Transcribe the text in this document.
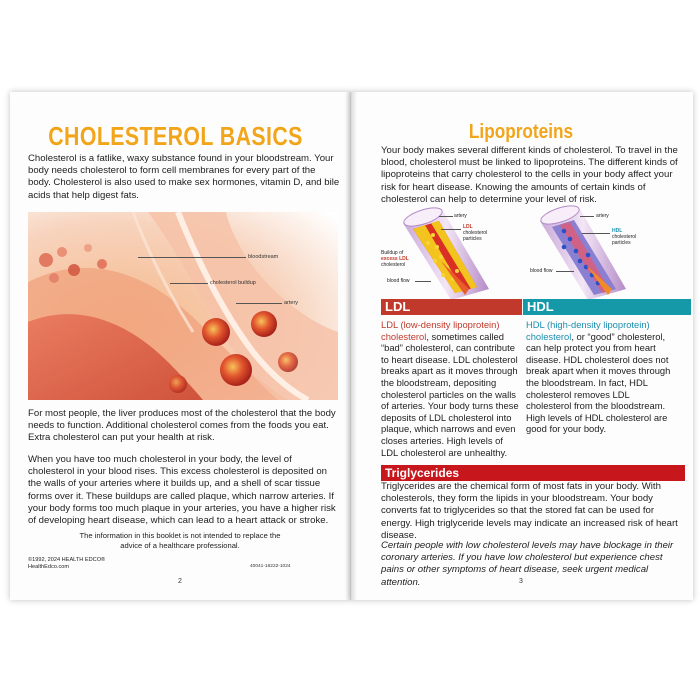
CHOLESTEROL BASICS
Cholesterol is a fatlike, waxy substance found in your bloodstream. Your body needs cholesterol to form cell membranes for every part of the body. Cholesterol is also used to make sex hormones, vitamin D, and bile acids that help digest fats.
bloodstream
cholesterol buildup
artery
For most people, the liver produces most of the cholesterol that the body needs to function. Additional cholesterol comes from the foods you eat. Extra cholesterol can put your health at risk.
When you have too much cholesterol in your body, the level of cholesterol in your blood rises. This excess cholesterol is deposited on the walls of your arteries where it builds up, and a shell of scar tissue forms over it. These buildups are called plaque, which narrow arteries. If your body forms too much plaque in your arteries, you have a higher risk of developing heart disease, which can lead to a heart attack or stroke.
The information in this booklet is not intended to replace the
advice of a healthcare professional.
©1992, 2024 HEALTH EDCO®
HealthEdco.com	40041-16222-1024
2
Lipoproteins
Your body makes several different kinds of cholesterol. To travel in the blood, cholesterol must be linked to lipoproteins. The different kinds of lipoproteins that carry cholesterol to the cells in your body affect your risk for heart disease. Knowing the amounts of certain kinds of cholesterol can help to determine your level of risk.
artery
LDL
cholesterol
particles
Buildup of
excess LDL
cholesterol
blood flow
artery
HDL
cholesterol
particles
blood flow
LDL	HDL
LDL (low-density lipoprotein) cholesterol, sometimes called “bad” cholesterol, can contribute to heart disease. LDL cholesterol breaks apart as it moves through the bloodstream, depositing cholesterol particles on the walls of arteries. Your body turns these deposits of LDL cholesterol into plaque, which narrows and even closes arteries. High levels of LDL cholesterol are unhealthy.
HDL (high-density lipoprotein) cholesterol, or “good” cholesterol, can help protect you from heart disease. HDL cholesterol does not break apart when it moves through the bloodstream. In fact, HDL cholesterol removes LDL cholesterol from the bloodstream. High levels of HDL cholesterol are good for your body.
Triglycerides
Triglycerides are the chemical form of most fats in your body. With cholesterols, they form the lipids in your bloodstream. Your body converts fat to triglycerides so that the stored fat can be used for energy. High triglyceride levels may indicate an increased risk of heart disease.
Certain people with low cholesterol levels may have blockage in their coronary arteries. If you have low cholesterol but experience chest pains or other symptoms of heart disease, seek urgent medical attention.	3
